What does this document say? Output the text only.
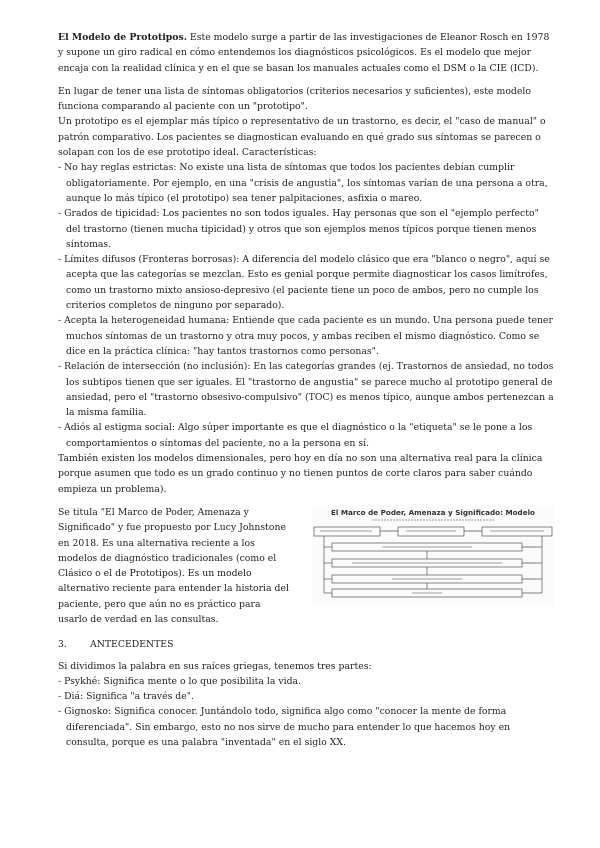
El Modelo de Prototipos. Este modelo surge a partir de las investigaciones de Eleanor Rosch en 1978 y supone un giro radical en cómo entendemos los diagnósticos psicológicos. Es el modelo que mejor encaja con la realidad clínica y en el que se basan los manuales actuales como el DSM o la CIE (ICD).

En lugar de tener una lista de síntomas obligatorios (criterios necesarios y suficientes), este modelo funciona comparando al paciente con un "prototipo".

Un prototipo es el ejemplar más típico o representativo de un trastorno, es decir, el "caso de manual" o patrón comparativo. Los pacientes se diagnostican evaluando en qué grado sus síntomas se parecen o solapan con los de ese prototipo ideal. Características:

- No hay reglas estrictas: No existe una lista de síntomas que todos los pacientes debían cumplir obligatoriamente. Por ejemplo, en una "crisis de angustia", los síntomas varían de una persona a otra, aunque lo más típico (el prototipo) sea tener palpitaciones, asfixia o mareo.
- Grados de tipicidad: Los pacientes no son todos iguales. Hay personas que son el "ejemplo perfecto" del trastorno (tienen mucha tipicidad) y otros que son ejemplos menos típicos porque tienen menos síntomas.
- Límites difusos (Fronteras borrosas): A diferencia del modelo clásico que era "blanco o negro", aquí se acepta que las categorías se mezclan. Esto es genial porque permite diagnosticar los casos limítrofes, como un trastorno mixto ansioso-depresivo (el paciente tiene un poco de ambos, pero no cumple los criterios completos de ninguno por separado).
- Acepta la heterogeneidad humana: Entiende que cada paciente es un mundo. Una persona puede tener muchos síntomas de un trastorno y otra muy pocos, y ambas reciben el mismo diagnóstico. Como se dice en la práctica clínica: "hay tantos trastornos como personas".
- Relación de intersección (no inclusión): En las categorías grandes (ej. Trastornos de ansiedad, no todos los subtipos tienen que ser iguales. El "trastorno de angustia" se parece mucho al prototipo general de ansiedad, pero el "trastorno obsesivo-compulsivo" (TOC) es menos típico, aunque ambos pertenezcan a la misma familia.
- Adiós al estigma social: Algo súper importante es que el diagnóstico o la "etiqueta" se le pone a los comportamientos o síntomas del paciente, no a la persona en sí.

También existen los modelos dimensionales, pero hoy en día no son una alternativa real para la clínica porque asumen que todo es un grado continuo y no tienen puntos de corte claros para saber cuándo empieza un problema).

Se titula "El Marco de Poder, Amenaza y Significado" y fue propuesto por Lucy Johnstone en 2018. Es una alternativa reciente a los modelos de diagnóstico tradicionales (como el Clásico o el de Prototipos). Es un modelo alternativo reciente para entender la historia del paciente, pero que aún no es práctico para usarlo de verdad en las consultas.

El Marco de Poder, Amenaza y Significado: Modelo

3. ANTECEDENTES

Si dividimos la palabra en sus raíces griegas, tenemos tres partes:

- Psykhé: Significa mente o lo que posibilita la vida.
- Diá: Significa "a través de".
- Gignosko: Significa conocer. Juntándolo todo, significa algo como "conocer la mente de forma diferenciada". Sin embargo, esto no nos sirve de mucho para entender lo que hacemos hoy en consulta, porque es una palabra "inventada" en el siglo XX.
